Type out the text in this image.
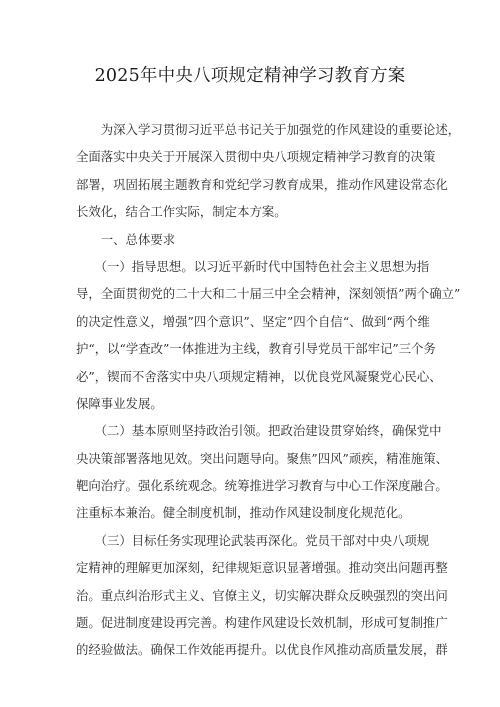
2025年中央八项规定精神学习教育方案
　　为深入学习贯彻习近平总书记关于加强党的作风建设的重要论述，
全面落实中央关于开展深入贯彻中央八项规定精神学习教育的决策
部署，巩固拓展主题教育和党纪学习教育成果，推动作风建设常态化
长效化，结合工作实际，制定本方案。
　　一、总体要求
　　（一）指导思想。以习近平新时代中国特色社会主义思想为指
导，全面贯彻党的二十大和二十届三中全会精神，深刻领悟”两个确立”
的决定性意义，增强”四个意识”、坚定”四个自信“、做到“两个维
护“，以“学查改”一体推进为主线，教育引导党员干部牢记”三个务
必”，锲而不舍落实中央八项规定精神，以优良党风凝聚党心民心、
保障事业发展。
　　（二）基本原则坚持政治引领。把政治建设贯穿始终，确保党中
央决策部署落地见效。突出问题导向。聚焦”四风”顽疾，精准施策、
靶向治疗。强化系统观念。统筹推进学习教育与中心工作深度融合。
注重标本兼治。健全制度机制，推动作风建设制度化规范化。
　　（三）目标任务实现理论武装再深化。党员干部对中央八项规
定精神的理解更加深刻，纪律规矩意识显著增强。推动突出问题再整
治。重点纠治形式主义、官僚主义，切实解决群众反映强烈的突出问
题。促进制度建设再完善。构建作风建设长效机制，形成可复制推广
的经验做法。确保工作效能再提升。以优良作风推动高质量发展，群
